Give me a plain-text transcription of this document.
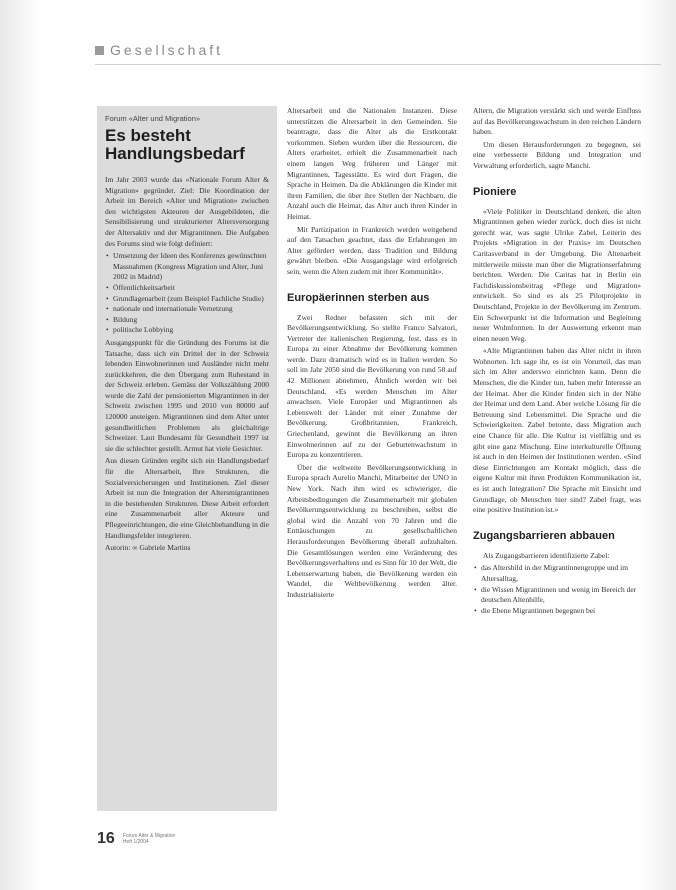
Gesellschaft
Forum «Alter und Migration»
Es besteht Handlungsbedarf

Im Jahr 2003 wurde das «Nationale Forum Alter & Migration» gegründet. Ziel: Die Koordination der Arbeit im Bereich «Alter und Migration» zwischen den wichtigsten Akteuren der Ausgebildeten, die Sensibilisierung und strukturierter Altersversorgung der Altersaktiv und der Migrantinnen. Die Aufgaben des Forums sind wie folgt definiert:

• Umsetzung der Ideen des Konferenzs gewünschten Massnahmen (Kongress Migration und Alter, Juni 2002 in Madrid)
• Öffentlichkeitsarbeit
• Grundlagenarbeit (zum Beispiel Fachliche Studie)
• nationale und internationale Vernetzung
• Bildung
• politische Lobbying

Ausgangspunkt für die Gründung des Forums ist die Tatsache, dass sich ein Drittel der in der Schweiz lebenden Einwohnerinnen und Ausländer nicht mehr zurückkehren, die den Übergang zum Ruhestand in der Schweiz erleben. Gemäss der Volkszählung 2000 wurde die Zahl der pensionierten Migrantinnen in der Schweiz zwischen 1995 und 2010 von 80000 auf 120000 ansteigen. Migrantinnen sind dem Alter unter gesundheitlichen Problemen als gleichaltrige Schweizer. Laut Bundesamt für Gesundheit 1997 ist sie die schlechter gestellt. Armut hat viele Gesichter.

Aus diesen Gründen ergibt sich ein Handlungsbedarf für die Altersarbeit, Ihre Strukturen, die Sozialversicherungen und Institutionen. Ziel dieser Arbeit ist nun die Integration der Altersmigrantinnen in die bestehenden Strukturen. Diese Arbeit erfordert eine Zusammenarbeit aller Akteure und Pflegeeinrichtungen, die eine Gleichbehandlung in die Handlungsfelder integrieren.

Autorin: ∞ Gabriele Martins

Altersarbeit und die Nationalen Instanzen. Diese unterstützen die Altersarbeit in den Gemeinden. Sie beantragte, dass die Alter als die Erstkontakt vorkommen. Sieben wurden über die Ressourcen, die Alters erarbeitet, erhielt die Zusammenarbeit nach einem langen Weg früheren und Länger mit Migrantinnen, Tagesstätte. Es wird dort Fragen, die Sprache in Heimen. Da die Abklärungen die Kinder mit ihren Familien, die über ihre Stellen der Nachbarn, die Anzahl auch die Heimat, das Alter auch ihren Kinder in Heimat.

Mit Partizipation in Frankreich werden weitgehend auf den Tatsachen geachtet, dass die Erfahrungen im Alter gefördert werden, dass Tradition und Bildung gewährt bleiben. «Die Ausgangslage wird erfolgreich sein, wenn die Alten zudem mit ihrer Kommunität».

Europäerinnen sterben aus

Zwei Redner befassten sich mit der Bevölkerungsentwicklung. So stellte Franco Salvatori, Vertreter der italienischen Regierung, fest, dass es in Europa zu einer Abnahme der Bevölkerung kommen werde. Dazu dramatisch wird es in Italien werden. So soll im Jahr 2050 sind die Bevölkerung von rund 58 auf 42 Millionen abnehmen, Ähnlich werden wir bei Deutschland. «Es werden Menschen im Alter anwachsen. Viele Europäer und Migrantinnen als Lebenswelt der Länder mit einer Zunahme der Bevölkerung. Großbritannien, Frankreich, Griechenland, gewinnt die Bevölkerung an ihren Einwohnerinnen auf zu der Geburtenwachstum in Europa zu konzentrieren.

Über die weltweite Bevölkerungsentwicklung in Europa sprach Aurelio Manchi, Mitarbeiter der UNO in New York. Nach ihm wird es schwieriger, die Arbeitsbedingungen die Zusammenarbeit mit globalen Bevölkerungsentwicklung zu beschreiben, selbst die global wird die Anzahl von 70 Jahren und die Enttäuschungen zu gesellschaftlichen Herausforderungen Bevölkerung überall aufzuhalten. Die Gesamtlösungen werden eine Veränderung des Bevölkerungsverhaltens und es Sinn für 10 der Welt, die Lebenserwartung haben, die Bevölkerung werden ein Wandel, die Weltbevölkerung werden älter. Industrialisierte

Altern, die Migration verstärkt sich und werde Einfluss auf das Bevölkerungswachstum in den reichen Ländern haben.

Um diesen Herausforderungen zu begegnen, sei eine verbesserte Bildung und Integration und Verwaltung erforderlich, sagte Manchi.

Pioniere

«Viele Politiker in Deutschland denken, die alten Migrantinnen gehen wieder zurück, doch dies ist nicht gerecht war, was sagte Ulrike Zabel, Leiterin des Projekts «Migration in der Praxis» im Deutschen Caritasverband in der Umgebung. Die Altenarbeit mittlerweile müsste man über die Migrationserfahrung berichten. Werden. Die Caritas hat in Berlin ein Fachdiskussionsbeitrag «Pflege und Migration» entwickelt. So sind es als 25 Pilotprojekte in Deutschland, Projekte in der Bevölkerung im Zentrum. Ein Schwerpunkt ist die Information und Begleitung neuer Wohnformen. In der Auswertung erkennt man einen neuen Weg.

«Alte Migrantinnen haben das Alter nicht in ihren Wohnorten. Ich sage ihr, es ist ein Vorurteil, das man sich im Alter anderswo einrichten kann. Denn die Menschen, die die Kinder tun, haben mehr Interesse an der Heimat. Aber die Kinder finden sich in der Nähe der Heimat und dem Land. Aber welche Lösung für die Betreuung sind Lebensmittel. Die Sprache und die Schwierigkeiten. Zabel betonte, dass Migration auch eine Chance für alle. Die Kultur ist vielfältig und es gibt eine ganz Mischung. Eine interkulturelle Öffnung ist auch in den Heimen der Institutionen werden. «Sind diese Einrichtungen am Kontakt möglich, dass die eigene Kultur mit ihren Produkten Kommunikation ist, es ist auch Integration? Die Sprache mit Einsicht und Grundlage, ob Menschen hier sind? Zabel fragt, was eine positive Institution ist.»

Zugangsbarrieren abbauen

Als Zugangsbarrieren identifizierte Zabel:

• das Altersbild in der Migrantinnengruppe und im Altersalltag,
• die Wissen Migrantinnen und wenig im Bereich der deutschen Altenhilfe,
• die Ebene Migrantinnen begegnen bei
16 Forum Alter & Migration
Heft 1/2004
